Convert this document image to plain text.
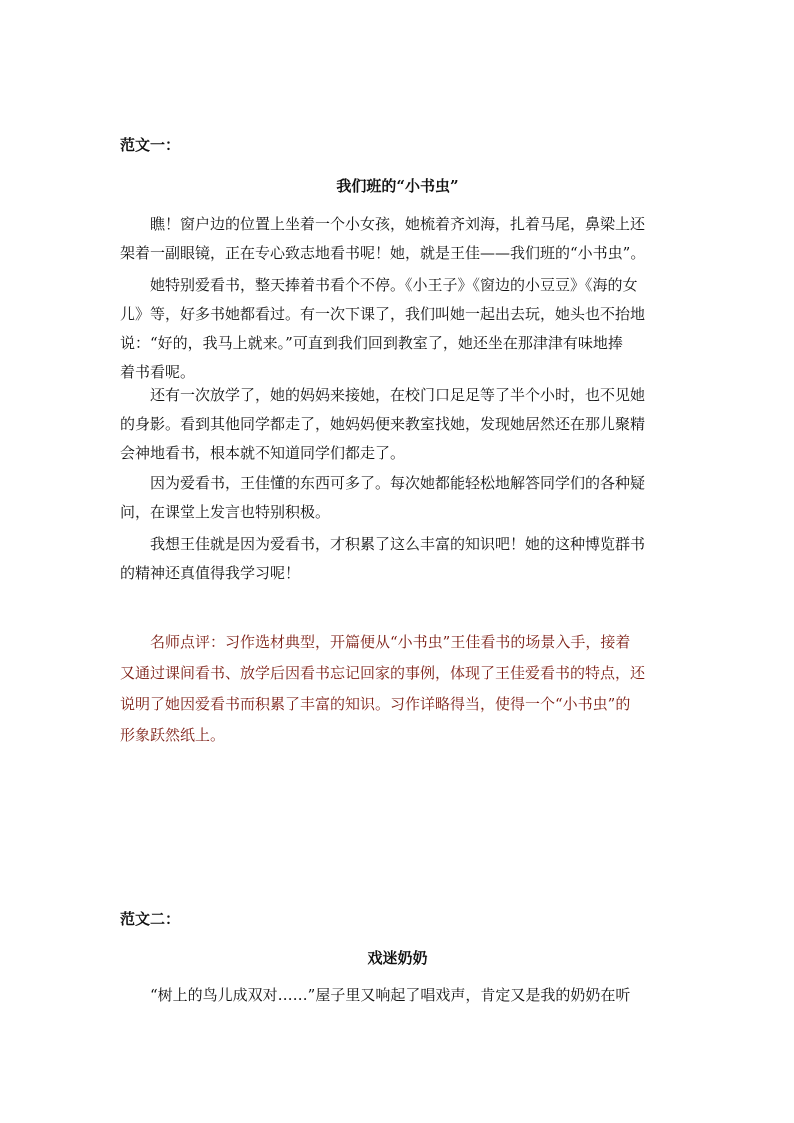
范文一：
我们班的“小书虫”
瞧！窗户边的位置上坐着一个小女孩，她梳着齐刘海，扎着马尾，鼻梁上还
架着一副眼镜，正在专心致志地看书呢！她，就是王佳——我们班的“小书虫”。
她特别爱看书，整天捧着书看个不停。《小王子》《窗边的小豆豆》《海的女
儿》等，好多书她都看过。有一次下课了，我们叫她一起出去玩，她头也不抬地
说：“好的，我马上就来。”可直到我们回到教室了，她还坐在那津津有味地捧
着书看呢。
还有一次放学了，她的妈妈来接她，在校门口足足等了半个小时，也不见她
的身影。看到其他同学都走了，她妈妈便来教室找她，发现她居然还在那儿聚精
会神地看书，根本就不知道同学们都走了。
因为爱看书，王佳懂的东西可多了。每次她都能轻松地解答同学们的各种疑
问，在课堂上发言也特别积极。
我想王佳就是因为爱看书，才积累了这么丰富的知识吧！她的这种博览群书
的精神还真值得我学习呢！
名师点评：习作选材典型，开篇便从“小书虫”王佳看书的场景入手，接着
又通过课间看书、放学后因看书忘记回家的事例，体现了王佳爱看书的特点，还
说明了她因爱看书而积累了丰富的知识。习作详略得当，使得一个“小书虫”的
形象跃然纸上。
范文二：
戏迷奶奶
“树上的鸟儿成双对……”屋子里又响起了唱戏声，肯定又是我的奶奶在听
